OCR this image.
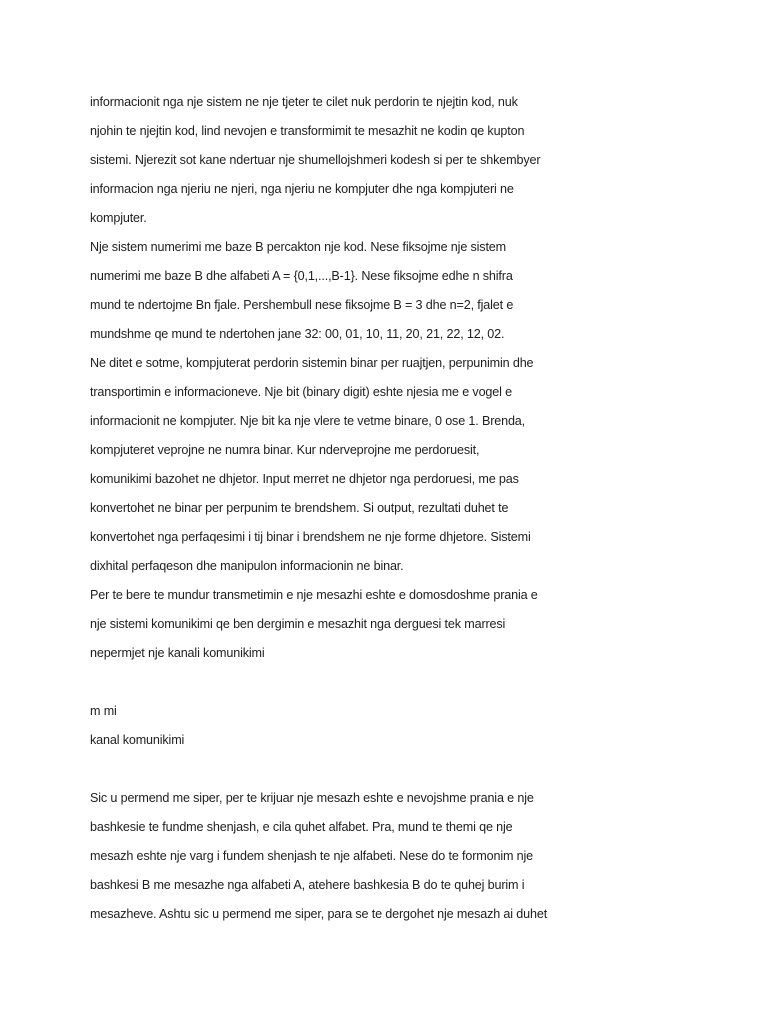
informacionit nga nje sistem ne nje tjeter te cilet nuk perdorin te njejtin kod, nuk
njohin te njejtin kod, lind nevojen e transformimit te mesazhit ne kodin qe kupton
sistemi. Njerezit sot kane ndertuar nje shumellojshmeri kodesh si per te shkembyer
informacion nga njeriu ne njeri, nga njeriu ne kompjuter dhe nga kompjuteri ne
kompjuter.
Nje sistem numerimi me baze B percakton nje kod. Nese fiksojme nje sistem
numerimi me baze B dhe alfabeti A = {0,1,...,B-1}. Nese fiksojme edhe n shifra
mund te ndertojme Bn fjale. Pershembull nese fiksojme B = 3 dhe n=2, fjalet e
mundshme qe mund te ndertohen jane 32: 00, 01, 10, 11, 20, 21, 22, 12, 02.
Ne ditet e sotme, kompjuterat perdorin sistemin binar per ruajtjen, perpunimin dhe
transportimin e informacioneve. Nje bit (binary digit) eshte njesia me e vogel e
informacionit ne kompjuter. Nje bit ka nje vlere te vetme binare, 0 ose 1. Brenda,
kompjuteret veprojne ne numra binar. Kur nderveprojne me perdoruesit,
komunikimi bazohet ne dhjetor. Input merret ne dhjetor nga perdoruesi, me pas
konvertohet ne binar per perpunim te brendshem. Si output, rezultati duhet te
konvertohet nga perfaqesimi i tij binar i brendshem ne nje forme dhjetore. Sistemi
dixhital perfaqeson dhe manipulon informacionin ne binar.
Per te bere te mundur transmetimin e nje mesazhi eshte e domosdoshme prania e
nje sistemi komunikimi qe ben dergimin e mesazhit nga derguesi tek marresi
nepermjet nje kanali komunikimi
m mi
kanal komunikimi
Sic u permend me siper, per te krijuar nje mesazh eshte e nevojshme prania e nje
bashkesie te fundme shenjash, e cila quhet alfabet. Pra, mund te themi qe nje
mesazh eshte nje varg i fundem shenjash te nje alfabeti. Nese do te formonim nje
bashkesi B me mesazhe nga alfabeti A, atehere bashkesia B do te quhej burim i
mesazheve. Ashtu sic u permend me siper, para se te dergohet nje mesazh ai duhet
